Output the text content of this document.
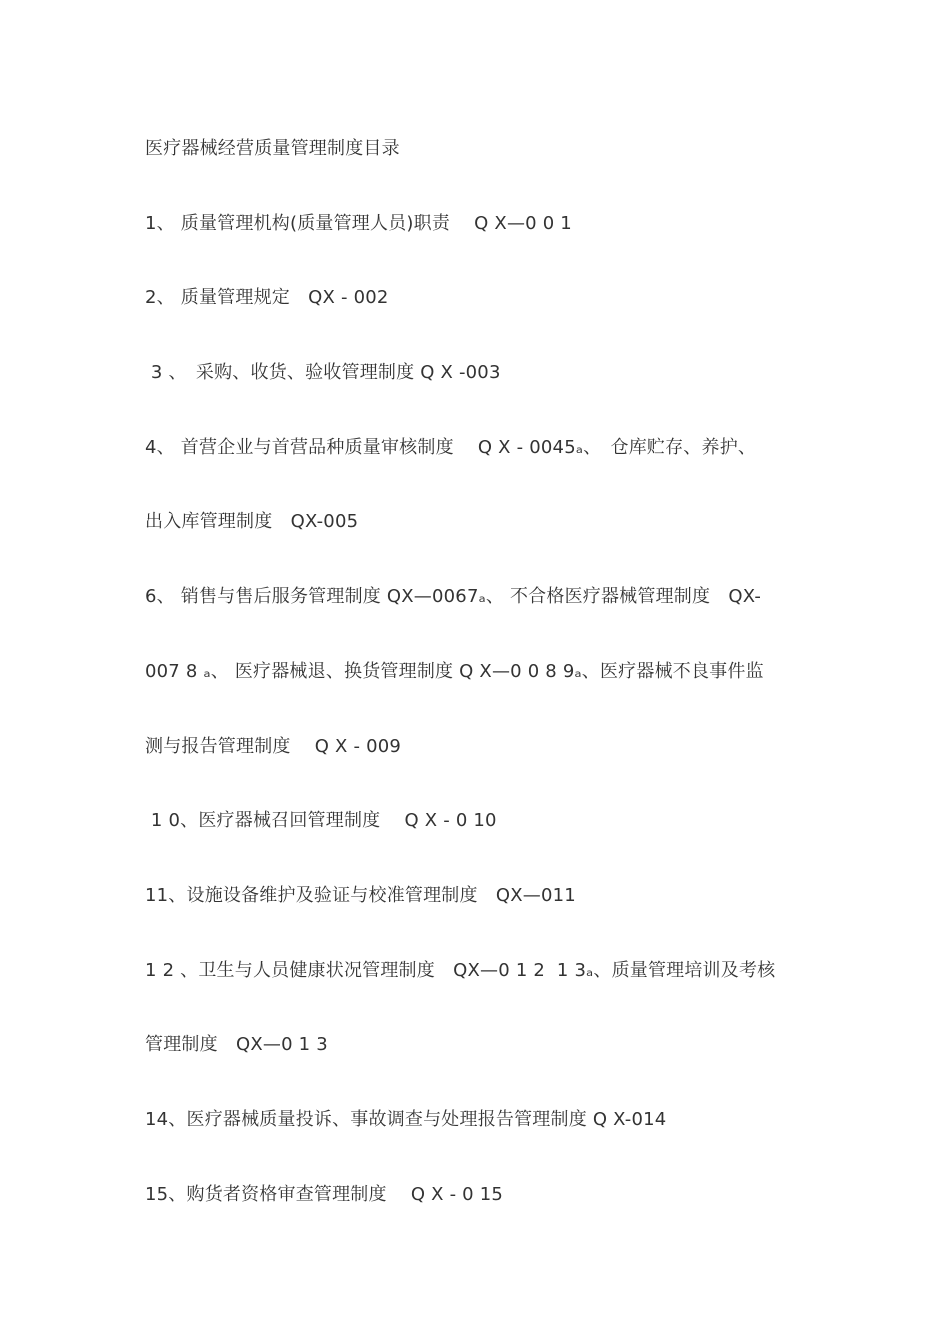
医疗器械经营质量管理制度目录
1、 质量管理机构(质量管理人员)职责　 Q X—0 0 1
2、 质量管理规定　QX - 002
3 、　采购、收货、验收管理制度 Q X -003
4、 首营企业与首营品种质量审核制度　 Q X - 0045ₐ、　仓库贮存、养护、
出入库管理制度　QX-005
6、 销售与售后服务管理制度 QX—0067ₐ、 不合格医疗器械管理制度　QX-
007 8 ₐ、 医疗器械退、换货管理制度 Q X—0 0 8 9ₐ、医疗器械不良事件监
测与报告管理制度　 Q X - 009
1 0、医疗器械召回管理制度　 Q X - 0 10
11、设施设备维护及验证与校准管理制度　QX—011
1 2 、卫生与人员健康状况管理制度　QX—0 1 2  1 3ₐ、质量管理培训及考核
管理制度　QX—0 1 3
14、医疗器械质量投诉、事故调查与处理报告管理制度 Q X-014
15、购货者资格审查管理制度　 Q X - 0 15
